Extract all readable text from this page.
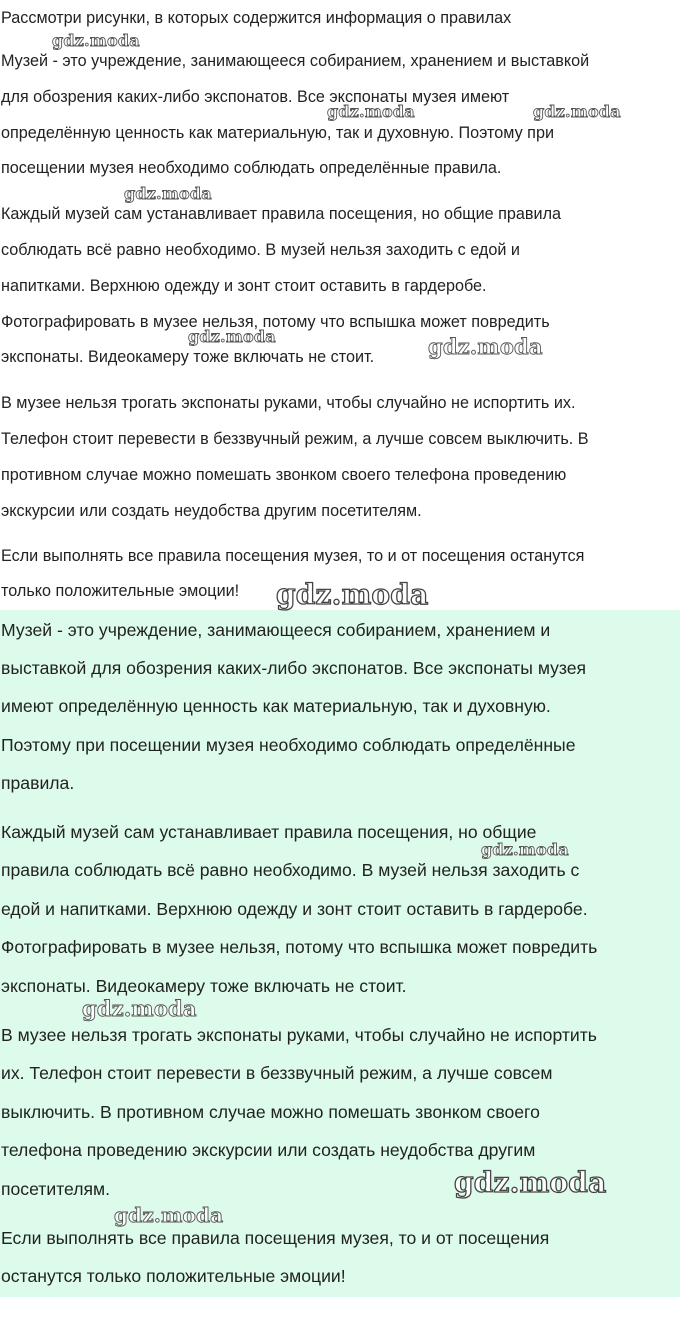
Рассмотри рисунки, в которых содержится информация о правилах
Музей - это учреждение, занимающееся собиранием, хранением и выставкой
для обозрения каких-либо экспонатов. Все экспонаты музея имеют
определённую ценность как материальную, так и духовную. Поэтому при
посещении музея необходимо соблюдать определённые правила.
Каждый музей сам устанавливает правила посещения, но общие правила
соблюдать всё равно необходимо. В музей нельзя заходить с едой и
напитками. Верхнюю одежду и зонт стоит оставить в гардеробе.
Фотографировать в музее нельзя, потому что вспышка может повредить
экспонаты. Видеокамеру тоже включать не стоит.
В музее нельзя трогать экспонаты руками, чтобы случайно не испортить их.
Телефон стоит перевести в беззвучный режим, а лучше совсем выключить. В
противном случае можно помешать звонком своего телефона проведению
экскурсии или создать неудобства другим посетителям.
Если выполнять все правила посещения музея, то и от посещения останутся
только положительные эмоции!
Музей - это учреждение, занимающееся собиранием, хранением и
выставкой для обозрения каких-либо экспонатов. Все экспонаты музея
имеют определённую ценность как материальную, так и духовную.
Поэтому при посещении музея необходимо соблюдать определённые
правила.
Каждый музей сам устанавливает правила посещения, но общие
правила соблюдать всё равно необходимо. В музей нельзя заходить с
едой и напитками. Верхнюю одежду и зонт стоит оставить в гардеробе.
Фотографировать в музее нельзя, потому что вспышка может повредить
экспонаты. Видеокамеру тоже включать не стоит.
В музее нельзя трогать экспонаты руками, чтобы случайно не испортить
их. Телефон стоит перевести в беззвучный режим, а лучше совсем
выключить. В противном случае можно помешать звонком своего
телефона проведению экскурсии или создать неудобства другим
посетителям.
Если выполнять все правила посещения музея, то и от посещения
останутся только положительные эмоции!
gdz.moda
gdz.moda	gdz.moda
gdz.moda
gdz.moda	gdz.moda
gdz.moda
gdz.moda
gdz.moda
gdz.moda
gdz.moda
